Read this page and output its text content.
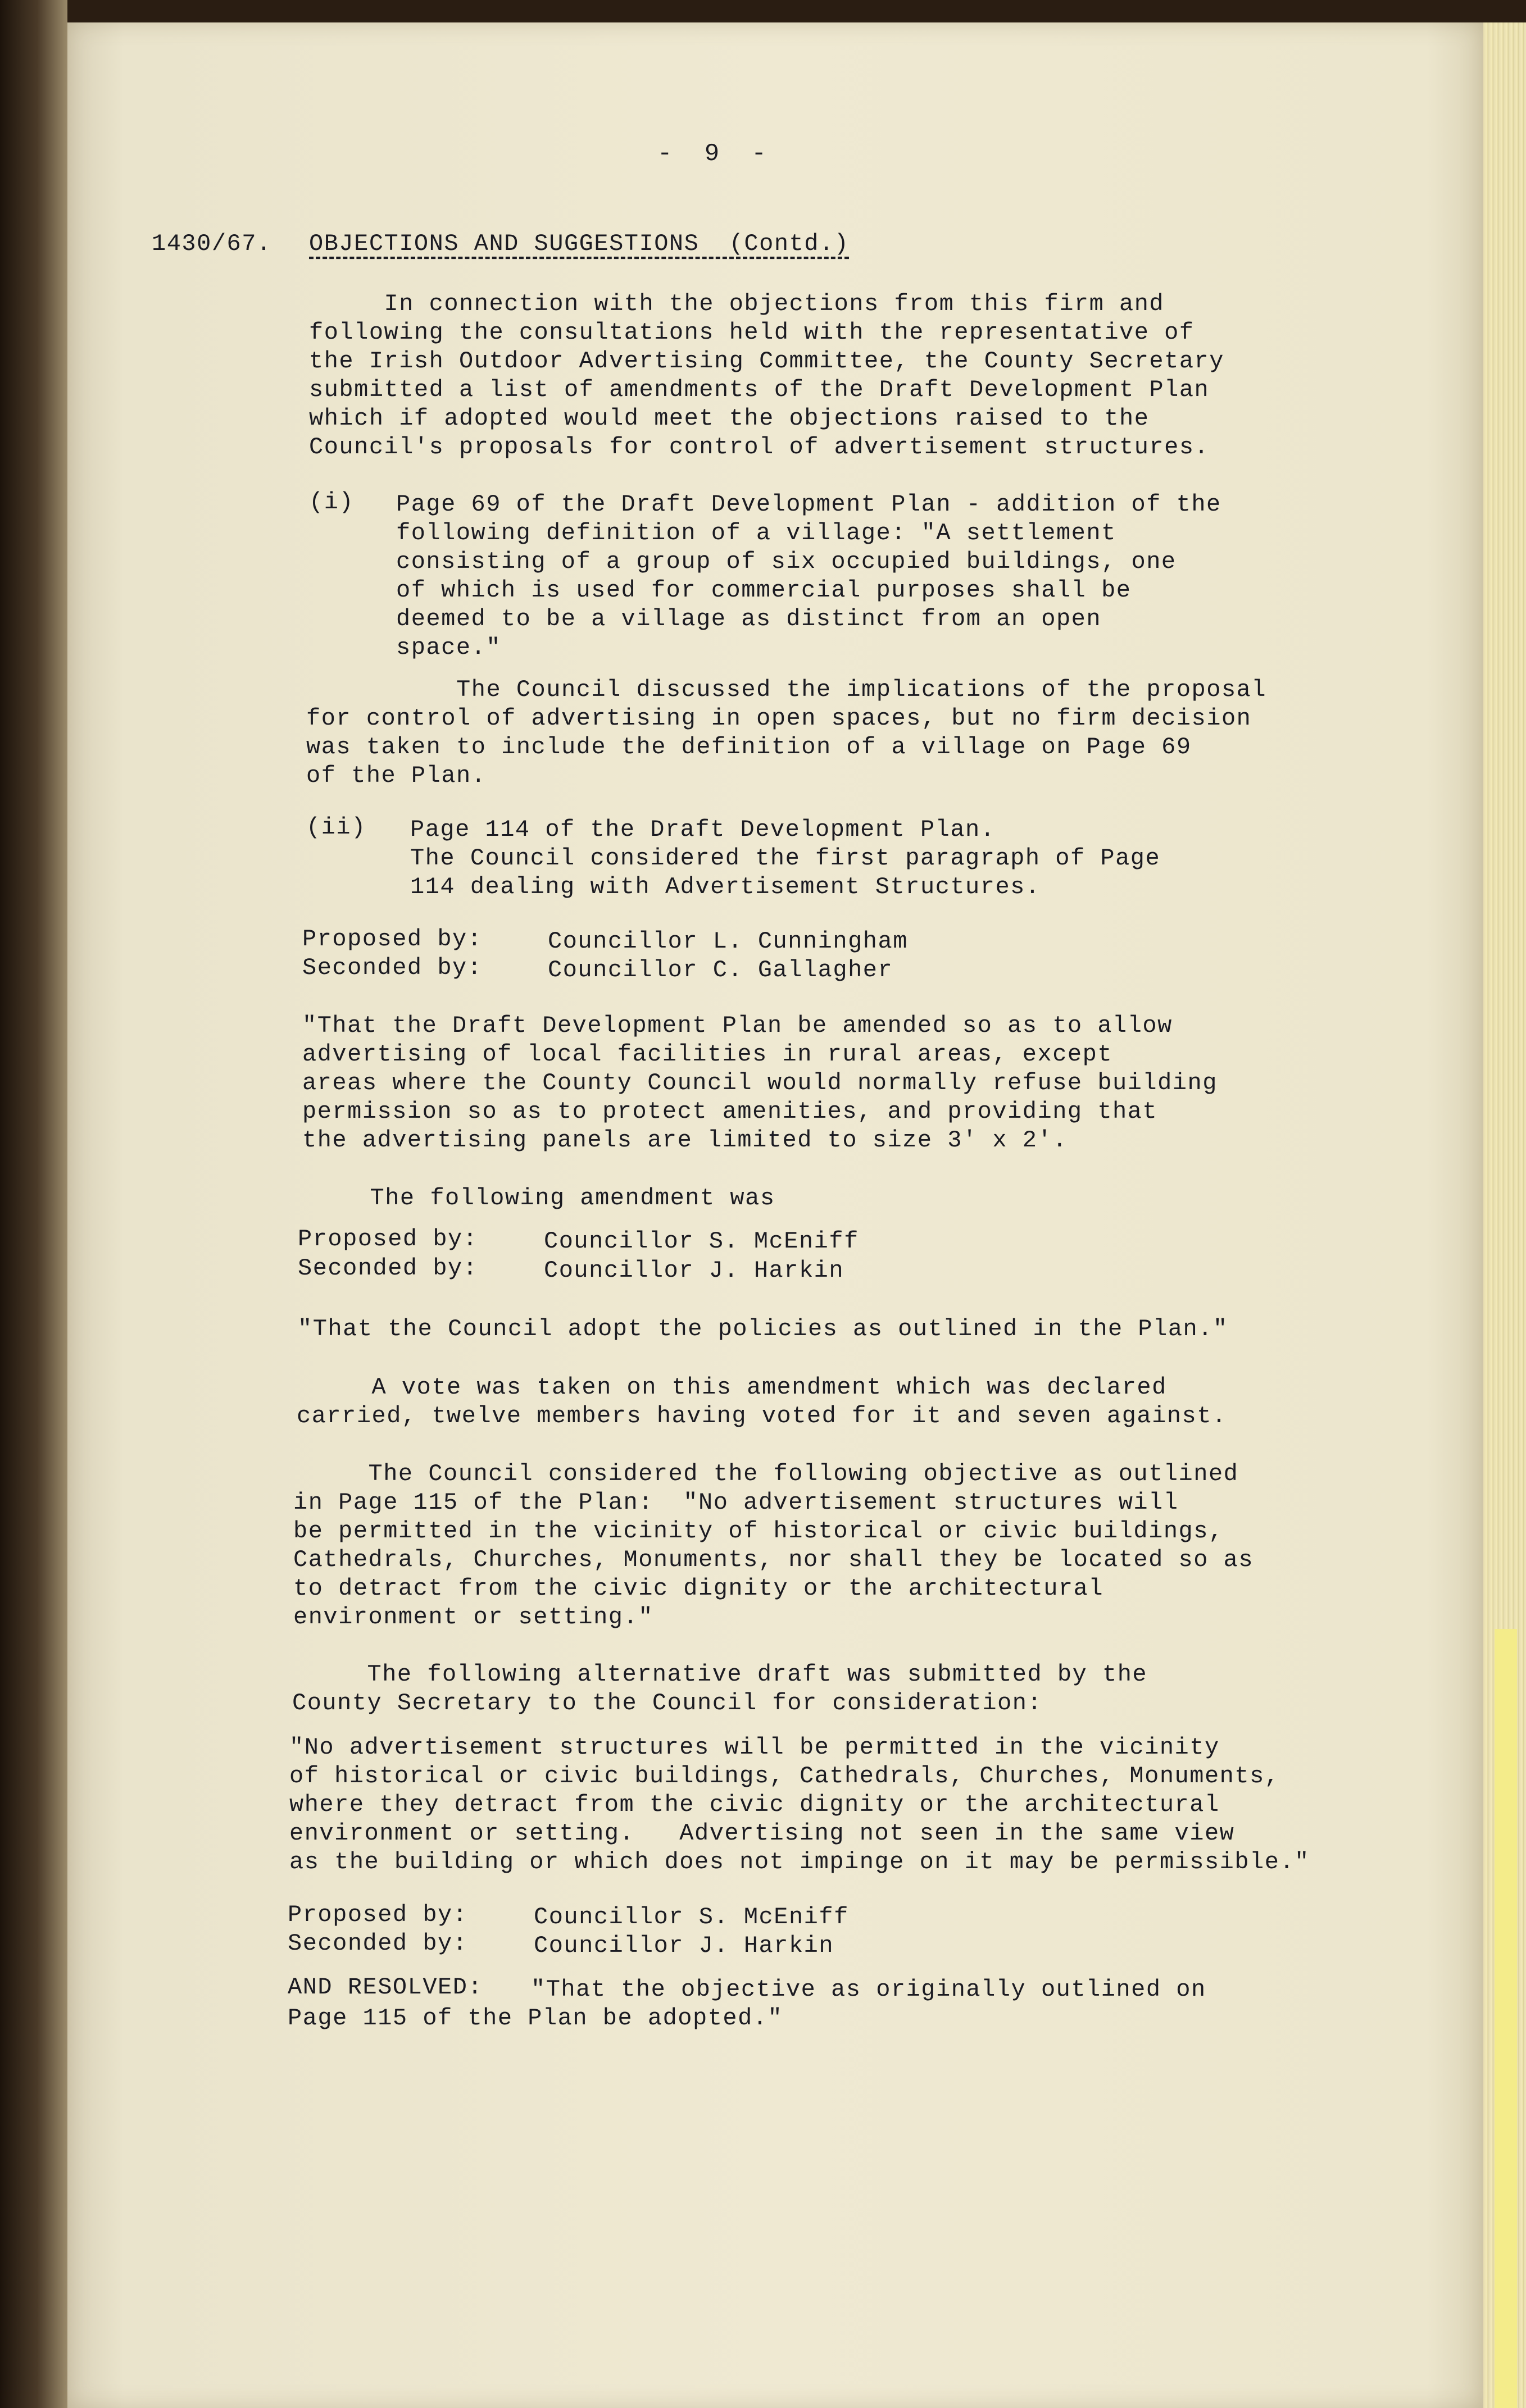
-  9  -
1430/67. OBJECTIONS AND SUGGESTIONS  (Contd.)
In connection with the objections from this firm and
following the consultations held with the representative of
the Irish Outdoor Advertising Committee, the County Secretary
submitted a list of amendments of the Draft Development Plan
which if adopted would meet the objections raised to the
Council's proposals for control of advertisement structures.
(i) Page 69 of the Draft Development Plan - addition of the
following definition of a village: "A settlement
consisting of a group of six occupied buildings, one
of which is used for commercial purposes shall be
deemed to be a village as distinct from an open
space."
The Council discussed the implications of the proposal
for control of advertising in open spaces, but no firm decision
was taken to include the definition of a village on Page 69
of the Plan.
(ii) Page 114 of the Draft Development Plan.
The Council considered the first paragraph of Page
114 dealing with Advertisement Structures.
Proposed by:	Councillor L. Cunningham
Seconded by:	Councillor C. Gallagher
"That the Draft Development Plan be amended so as to allow
advertising of local facilities in rural areas, except
areas where the County Council would normally refuse building
permission so as to protect amenities, and providing that
the advertising panels are limited to size 3' x 2'.
The following amendment was
Proposed by:	Councillor S. McEniff
Seconded by:	Councillor J. Harkin
"That the Council adopt the policies as outlined in the Plan."
A vote was taken on this amendment which was declared
carried, twelve members having voted for it and seven against.
The Council considered the following objective as outlined
in Page 115 of the Plan:  "No advertisement structures will
be permitted in the vicinity of historical or civic buildings,
Cathedrals, Churches, Monuments, nor shall they be located so as
to detract from the civic dignity or the architectural
environment or setting."
The following alternative draft was submitted by the
County Secretary to the Council for consideration:
"No advertisement structures will be permitted in the vicinity
of historical or civic buildings, Cathedrals, Churches, Monuments,
where they detract from the civic dignity or the architectural
environment or setting.   Advertising not seen in the same view
as the building or which does not impinge on it may be permissible."
Proposed by:	Councillor S. McEniff
Seconded by:	Councillor J. Harkin
AND RESOLVED: "That the objective as originally outlined on
Page 115 of the Plan be adopted."
